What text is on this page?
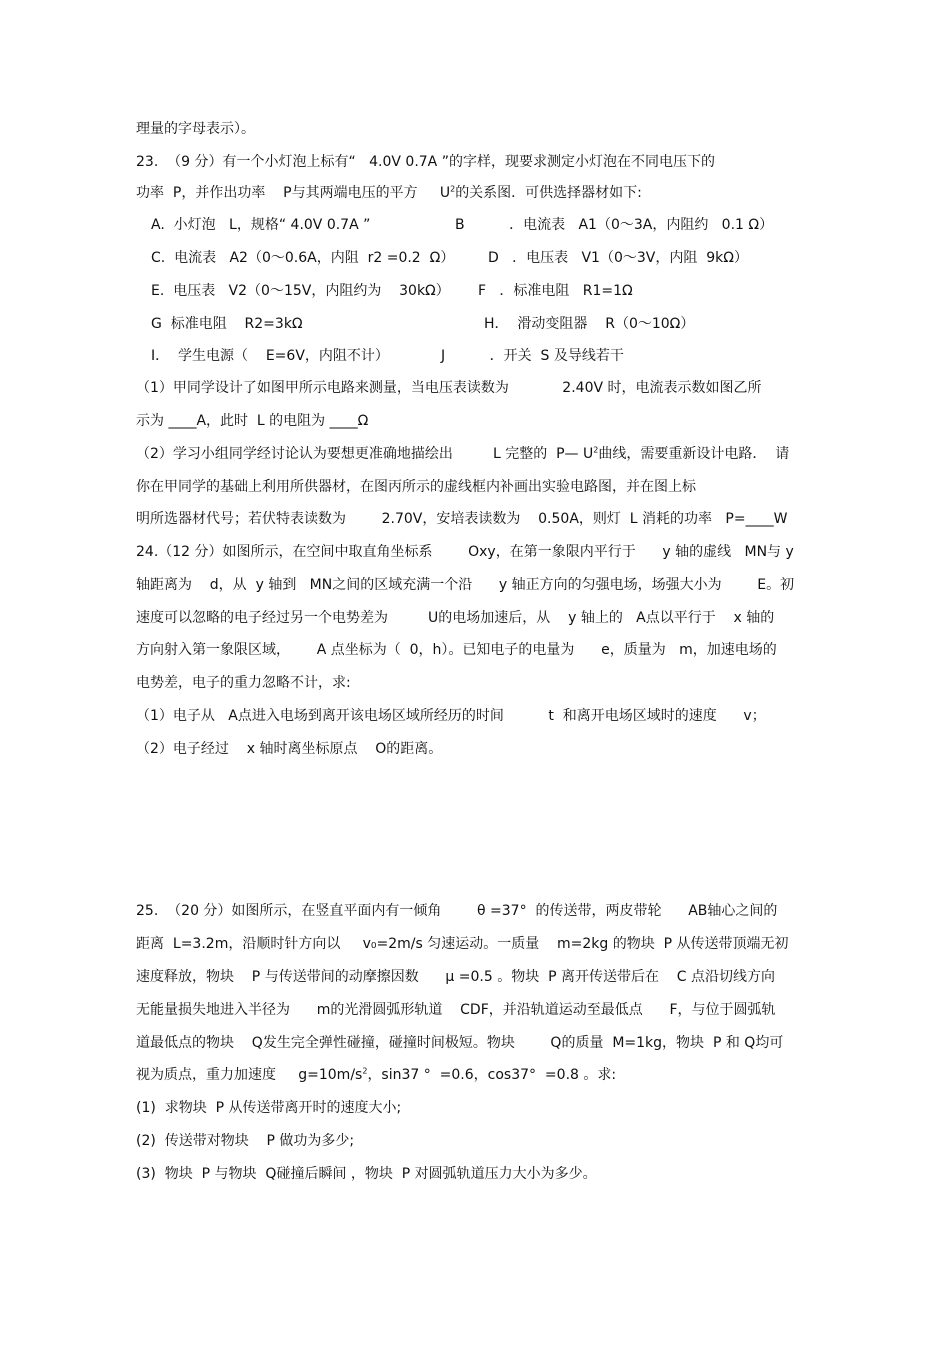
理量的字母表示）。
23.  （9 分）有一个小灯泡上标有“   4.0V 0.7A ”的字样，现要求测定小灯泡在不同电压下的
功率  P，并作出功率    P与其两端电压的平方     $U^2$的关系图．可供选择器材如下:
A.  小灯泡   L，规格“ 4.0V 0.7A ”	B          ．电流表   A1（0～3A，内阻约   0.1 Ω）
C.  电流表   A2（0～0.6A，内阻  r2 =0.2  Ω） D   ．电压表   V1（0～3V，内阻  9kΩ）
E.  电压表   V2（0～15V，内阻约为    30kΩ） F   ．标准电阻   R1=1Ω
G  标准电阻    R2=3kΩ	H．  滑动变阻器    R（0～10Ω）
I．  学生电源（    E=6V，内阻不计）	J          ．开关  S 及导线若干
（1）甲同学设计了如图甲所示电路来测量，当电压表读数为            2.40V 时，电流表示数如图乙所
示为 ____A，此时  L 的电阻为 ____Ω
（2）学习小组同学经讨论认为要想更准确地描绘出         L 完整的  P— $U^2$曲线，需要重新设计电路．  请
你在甲同学的基础上利用所供器材，在图丙所示的虚线框内补画出实验电路图，并在图上标
明所选器材代号；若伏特表读数为        2.70V，安培表读数为    0.50A，则灯  L 消耗的功率   P=____W
24.（12 分）如图所示，在空间中取直角坐标系        Oxy，在第一象限内平行于      y 轴的虚线   MN与 y
轴距离为    d，从  y 轴到   MN之间的区域充满一个沿      y 轴正方向的匀强电场，场强大小为        E。初
速度可以忽略的电子经过另一个电势差为         U的电场加速后，从    y 轴上的   A点以平行于    x 轴的
方向射入第一象限区域，      A 点坐标为（  0，h）。已知电子的电量为      e，质量为   m，加速电场的
电势差，电子的重力忽略不计，求:
（1）电子从   A点进入电场到离开该电场区域所经历的时间          t  和离开电场区域时的速度      v；
（2）电子经过    x 轴时离坐标原点    O的距离。
25.  （20 分）如图所示，在竖直平面内有一倾角        θ =37°  的传送带，两皮带轮      AB轴心之间的
距离  L=3.2m，沿顺时针方向以     v₀=2m/s 匀速运动。一质量    m=2kg 的物块  P 从传送带顶端无初
速度释放，物块    P 与传送带间的动摩擦因数      μ =0.5 。物块  P 离开传送带后在    C 点沿切线方向
无能量损失地进入半径为      m的光滑圆弧形轨道    CDF，并沿轨道运动至最低点      F，与位于圆弧轨
道最低点的物块    Q发生完全弹性碰撞，碰撞时间极短。物块        Q的质量  M=1kg，物块  P 和 Q均可
视为质点，重力加速度     $g=10m/s^2$，sin37 °  =0.6，cos37°  =0.8 。求:
(1)  求物块  P 从传送带离开时的速度大小;
(2)  传送带对物块    P 做功为多少;
(3)  物块  P 与物块  Q碰撞后瞬间 ，物块  P 对圆弧轨道压力大小为多少。
